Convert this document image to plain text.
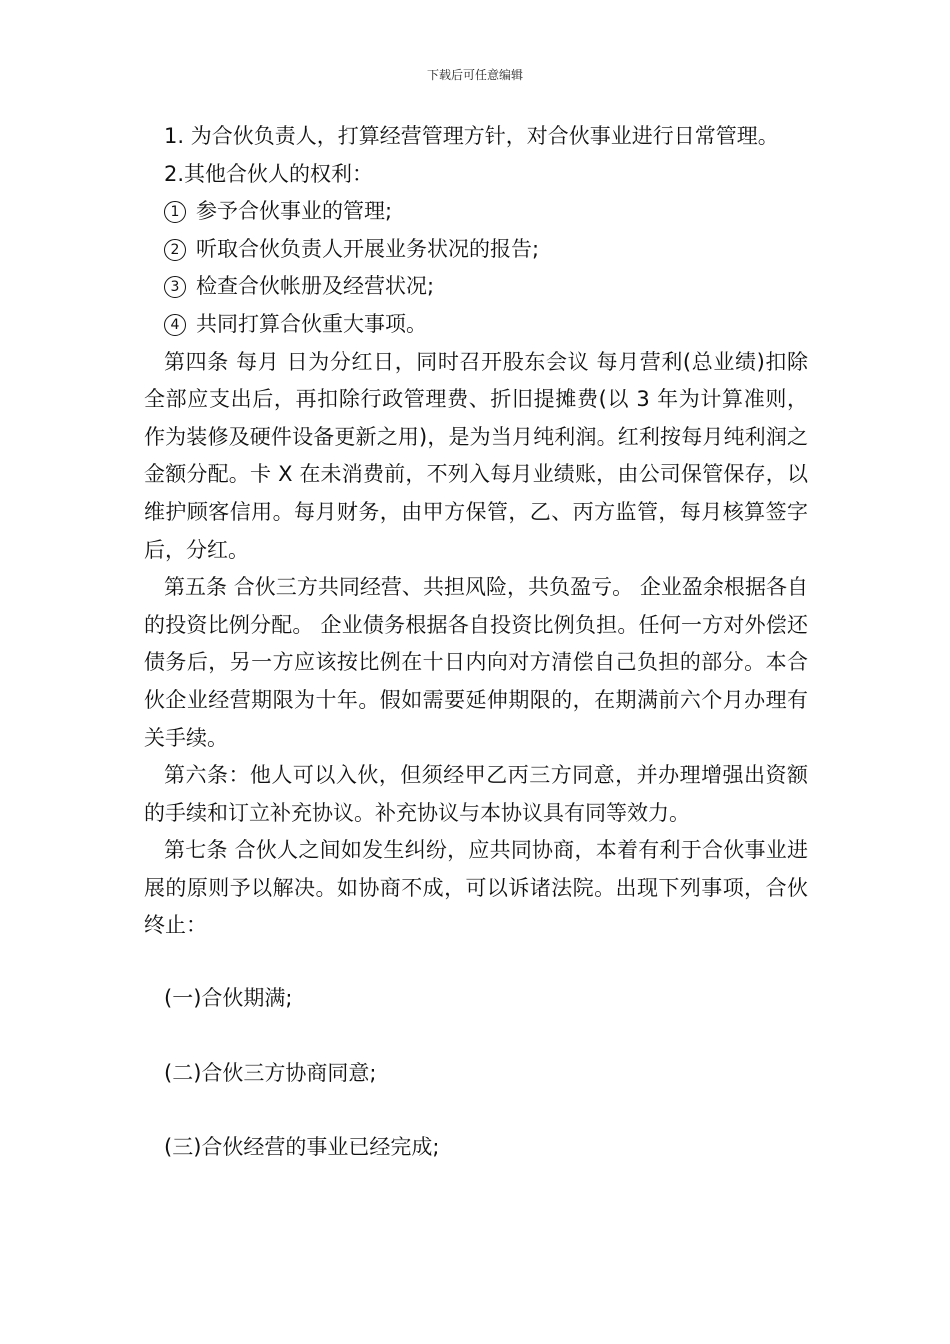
下载后可任意编辑

1. 为合伙负责人，打算经营管理方针，对合伙事业进行日常管理。

2.其他合伙人的权利：

1 参予合伙事业的管理;

2 听取合伙负责人开展业务状况的报告;

3 检查合伙帐册及经营状况;

4 共同打算合伙重大事项。

第四条 每月 日为分红日，同时召开股东会议 每月营利(总业绩)扣除全部应支出后，再扣除行政管理费、折旧提摊费(以 3 年为计算准则，作为装修及硬件设备更新之用)，是为当月纯利润。红利按每月纯利润之金额分配。卡 X 在未消费前，不列入每月业绩账，由公司保管保存，以维护顾客信用。每月财务，由甲方保管，乙、丙方监管，每月核算签字后，分红。

第五条 合伙三方共同经营、共担风险，共负盈亏。 企业盈余根据各自的投资比例分配。 企业债务根据各自投资比例负担。任何一方对外偿还债务后，另一方应该按比例在十日内向对方清偿自己负担的部分。本合伙企业经营期限为十年。假如需要延伸期限的，在期满前六个月办理有关手续。

第六条：他人可以入伙，但须经甲乙丙三方同意，并办理增强出资额的手续和订立补充协议。补充协议与本协议具有同等效力。

第七条 合伙人之间如发生纠纷，应共同协商，本着有利于合伙事业进展的原则予以解决。如协商不成，可以诉诸法院。出现下列事项，合伙终止：

(一)合伙期满;

(二)合伙三方协商同意;

(三)合伙经营的事业已经完成;
